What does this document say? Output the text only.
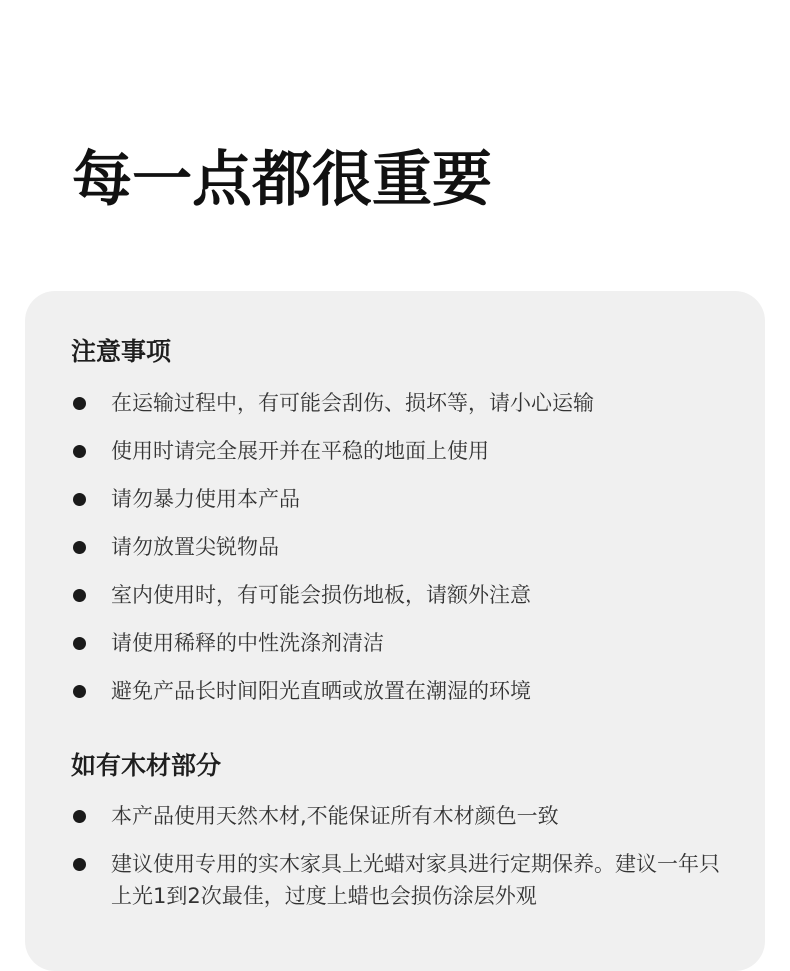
每一点都很重要
注意事项
在运输过程中，有可能会刮伤、损坏等，请小心运输
使用时请完全展开并在平稳的地面上使用
请勿暴力使用本产品
请勿放置尖锐物品
室内使用时，有可能会损伤地板，请额外注意
请使用稀释的中性洗涤剂清洁
避免产品长时间阳光直晒或放置在潮湿的环境
如有木材部分
本产品使用天然木材,不能保证所有木材颜色一致
建议使用专用的实木家具上光蜡对家具进行定期保养。建议一年只上光1到2次最佳，过度上蜡也会损伤涂层外观
